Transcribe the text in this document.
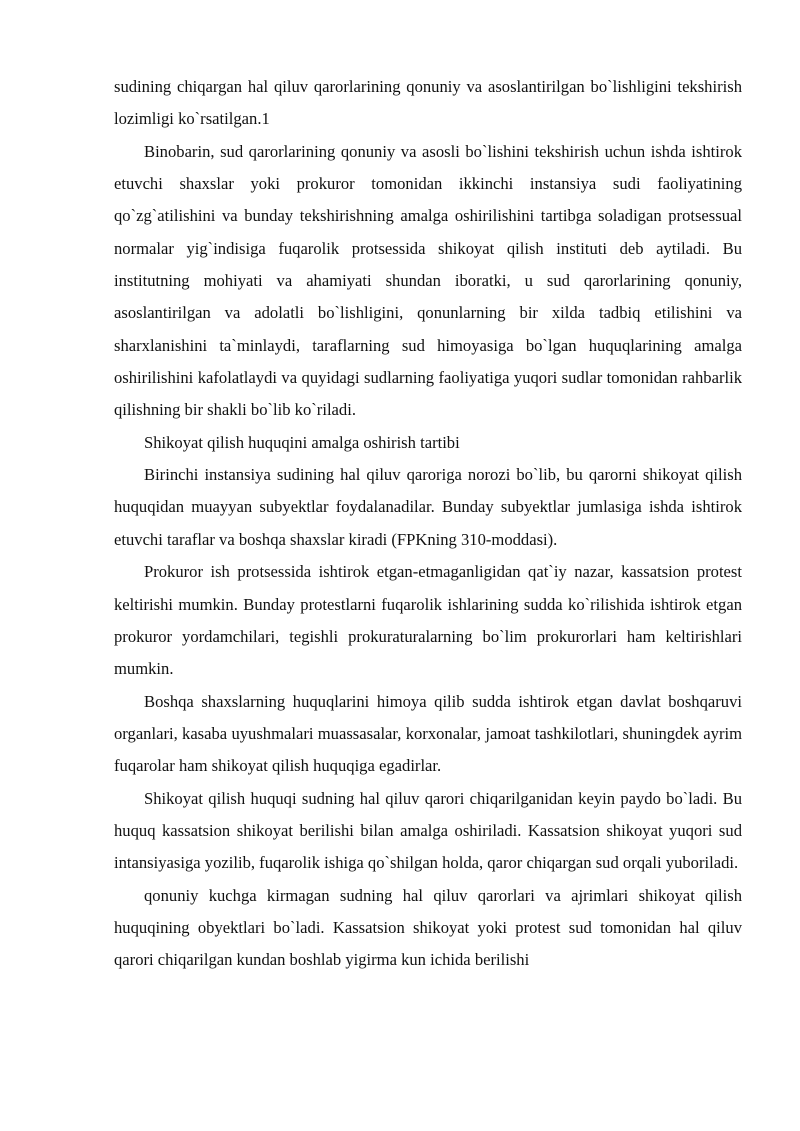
sudining chiqargan hal qiluv qarorlarining qonuniy va asoslantirilgan bo`lishligini tekshirish lozimligi ko`rsatilgan.1

Binobarin, sud qarorlarining qonuniy va asosli bo`lishini tekshirish uchun ishda ishtirok etuvchi shaxslar yoki prokuror tomonidan ikkinchi instansiya sudi faoliyatining qo`zg`atilishini va bunday tekshirishning amalga oshirilishini tartibga soladigan protsessual normalar yig`indisiga fuqarolik protsessida shikoyat qilish instituti deb aytiladi. Bu institutning mohiyati va ahamiyati shundan iboratki, u sud qarorlarining qonuniy, asoslantirilgan va adolatli bo`lishligini, qonunlarning bir xilda tadbiq etilishini va sharxlanishini ta`minlaydi, taraflarning sud himoyasiga bo`lgan huquqlarining amalga oshirilishini kafolatlaydi va quyidagi sudlarning faoliyatiga yuqori sudlar tomonidan rahbarlik qilishning bir shakli bo`lib ko`riladi.

Shikoyat qilish huquqini amalga oshirish tartibi

Birinchi instansiya sudining hal qiluv qaroriga norozi bo`lib, bu qarorni shikoyat qilish huquqidan muayyan subyektlar foydalanadilar. Bunday subyektlar jumlasiga ishda ishtirok etuvchi taraflar va boshqa shaxslar kiradi (FPKning 310-moddasi).

Prokuror ish protsessida ishtirok etgan-etmaganligidan qat`iy nazar, kassatsion protest keltirishi mumkin. Bunday protestlarni fuqarolik ishlarining sudda ko`rilishida ishtirok etgan prokuror yordamchilari, tegishli prokuraturalarning bo`lim prokurorlari ham keltirishlari mumkin.

Boshqa shaxslarning huquqlarini himoya qilib sudda ishtirok etgan davlat boshqaruvi organlari, kasaba uyushmalari muassasalar, korxonalar, jamoat tashkilotlari, shuningdek ayrim fuqarolar ham shikoyat qilish huquqiga egadirlar.

Shikoyat qilish huquqi sudning hal qiluv qarori chiqarilganidan keyin paydo bo`ladi. Bu huquq kassatsion shikoyat berilishi bilan amalga oshiriladi. Kassatsion shikoyat yuqori sud intansiyasiga yozilib, fuqarolik ishiga qo`shilgan holda, qaror chiqargan sud orqali yuboriladi.

qonuniy kuchga kirmagan sudning hal qiluv qarorlari va ajrimlari shikoyat qilish huquqining obyektlari bo`ladi. Kassatsion shikoyat yoki protest sud tomonidan hal qiluv qarori chiqarilgan kundan boshlab yigirma kun ichida berilishi
